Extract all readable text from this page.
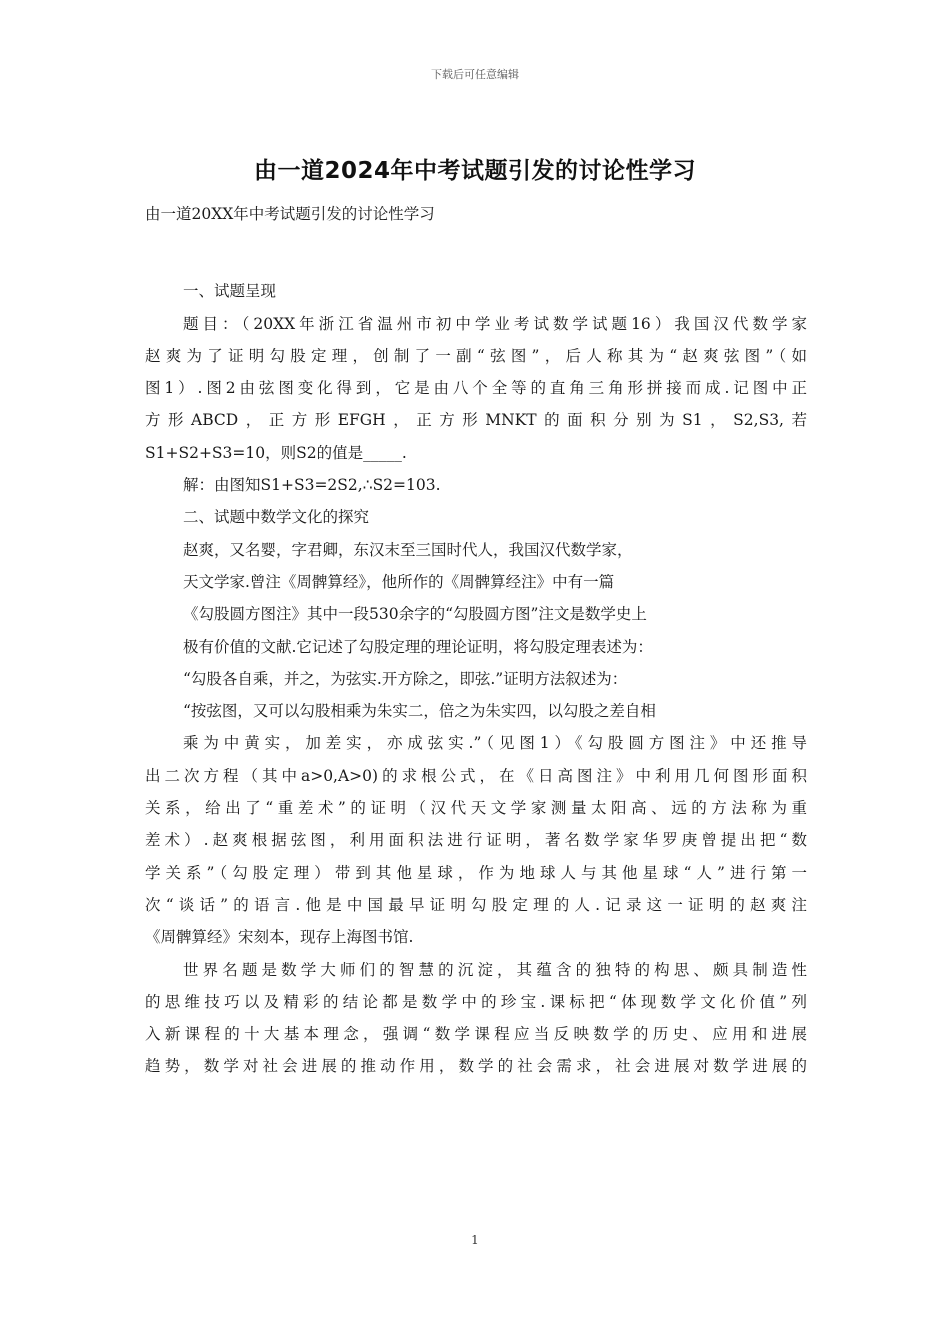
下载后可任意编辑
由一道2024年中考试题引发的讨论性学习
由一道20XX年中考试题引发的讨论性学习
一、试题呈现
题目：（20XX年浙江省温州市初中学业考试数学试题16）我国汉代数学家
赵爽为了证明勾股定理，创制了一副“弦图”，后人称其为“赵爽弦图”（如
图1）.图2由弦图变化得到，它是由八个全等的直角三角形拼接而成.记图中正
方形ABCD，正方形EFGH，正方形MNKT的面积分别为S1，S2,S3,若
S1+S2+S3=10，则S2的值是_____.
解：由图知S1+S3=2S2,∴S2=103.
二、试题中数学文化的探究
赵爽，又名婴，字君卿，东汉末至三国时代人，我国汉代数学家，
天文学家.曾注《周髀算经》，他所作的《周髀算经注》中有一篇
《勾股圆方图注》其中一段530余字的“勾股圆方图”注文是数学史上
极有价值的文献.它记述了勾股定理的理论证明，将勾股定理表述为：
“勾股各自乘，并之，为弦实.开方除之，即弦.”证明方法叙述为：
“按弦图，又可以勾股相乘为朱实二，倍之为朱实四，以勾股之差自相
乘为中黄实，加差实，亦成弦实.”（见图1）《勾股圆方图注》中还推导
出二次方程（其中a>0,A>0)的求根公式，在《日高图注》中利用几何图形面积
关系，给出了“重差术”的证明（汉代天文学家测量太阳高、远的方法称为重
差术）.赵爽根据弦图，利用面积法进行证明，著名数学家华罗庚曾提出把“数
学关系”（勾股定理）带到其他星球，作为地球人与其他星球“人”进行第一
次“谈话”的语言.他是中国最早证明勾股定理的人.记录这一证明的赵爽注
《周髀算经》宋刻本，现存上海图书馆.
世界名题是数学大师们的智慧的沉淀，其蕴含的独特的构思、颇具制造性
的思维技巧以及精彩的结论都是数学中的珍宝.课标把“体现数学文化价值”列
入新课程的十大基本理念，强调“数学课程应当反映数学的历史、应用和进展
趋势，数学对社会进展的推动作用，数学的社会需求，社会进展对数学进展的
1
